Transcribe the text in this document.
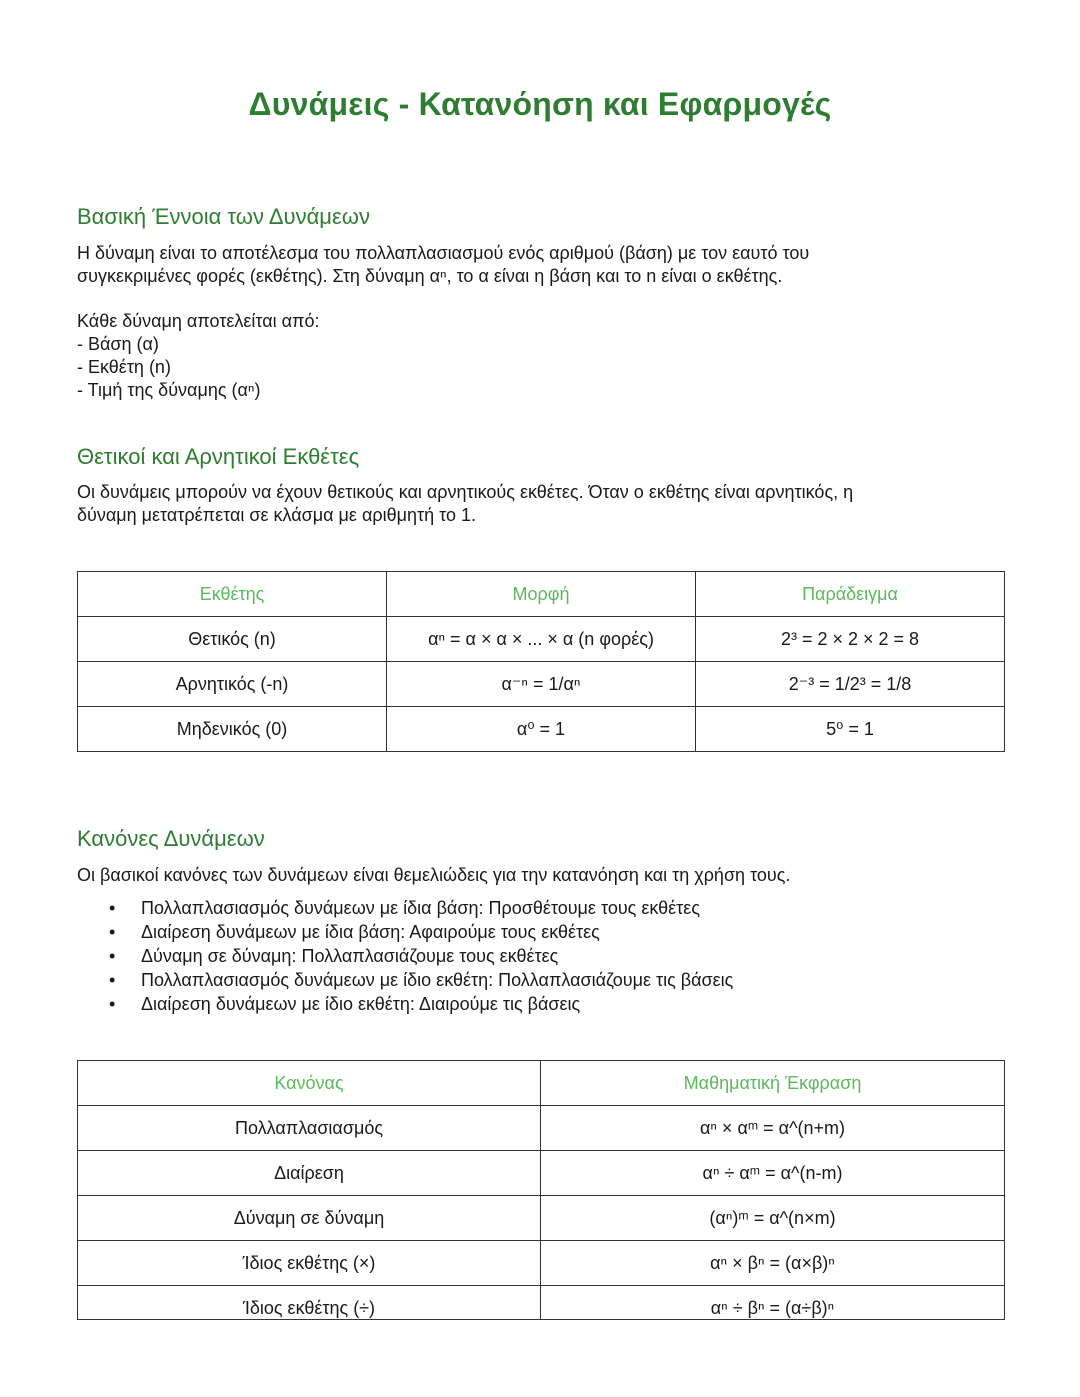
Δυνάμεις - Κατανόηση και Εφαρμογές
Βασική Έννοια των Δυνάμεων
Η δύναμη είναι το αποτέλεσμα του πολλαπλασιασμού ενός αριθμού (βάση) με τον εαυτό του
συγκεκριμένες φορές (εκθέτης). Στη δύναμη αⁿ, το α είναι η βάση και το n είναι ο εκθέτης.
Κάθε δύναμη αποτελείται από:
- Βάση (α)
- Εκθέτη (n)
- Τιμή της δύναμης (αⁿ)
Θετικοί και Αρνητικοί Εκθέτες
Οι δυνάμεις μπορούν να έχουν θετικούς και αρνητικούς εκθέτες. Όταν ο εκθέτης είναι αρνητικός, η
δύναμη μετατρέπεται σε κλάσμα με αριθμητή το 1.
Εκθέτης	Μορφή	Παράδειγμα
Θετικός (n)	αⁿ = α × α × ... × α (n φορές)	2³ = 2 × 2 × 2 = 8
Αρνητικός (-n)	α⁻ⁿ = 1/αⁿ	2⁻³ = 1/2³ = 1/8
Μηδενικός (0)	α⁰ = 1	5⁰ = 1
Κανόνες Δυνάμεων
Οι βασικοί κανόνες των δυνάμεων είναι θεμελιώδεις για την κατανόηση και τη χρήση τους.
• Πολλαπλασιασμός δυνάμεων με ίδια βάση: Προσθέτουμε τους εκθέτες
• Διαίρεση δυνάμεων με ίδια βάση: Αφαιρούμε τους εκθέτες
• Δύναμη σε δύναμη: Πολλαπλασιάζουμε τους εκθέτες
• Πολλαπλασιασμός δυνάμεων με ίδιο εκθέτη: Πολλαπλασιάζουμε τις βάσεις
• Διαίρεση δυνάμεων με ίδιο εκθέτη: Διαιρούμε τις βάσεις
Κανόνας	Μαθηματική Έκφραση
Πολλαπλασιασμός	αⁿ × αᵐ = α^(n+m)
Διαίρεση	αⁿ ÷ αᵐ = α^(n-m)
Δύναμη σε δύναμη	(αⁿ)ᵐ = α^(n×m)
Ίδιος εκθέτης (×)	αⁿ × βⁿ = (α×β)ⁿ
Ίδιος εκθέτης (÷)	αⁿ ÷ βⁿ = (α÷β)ⁿ
